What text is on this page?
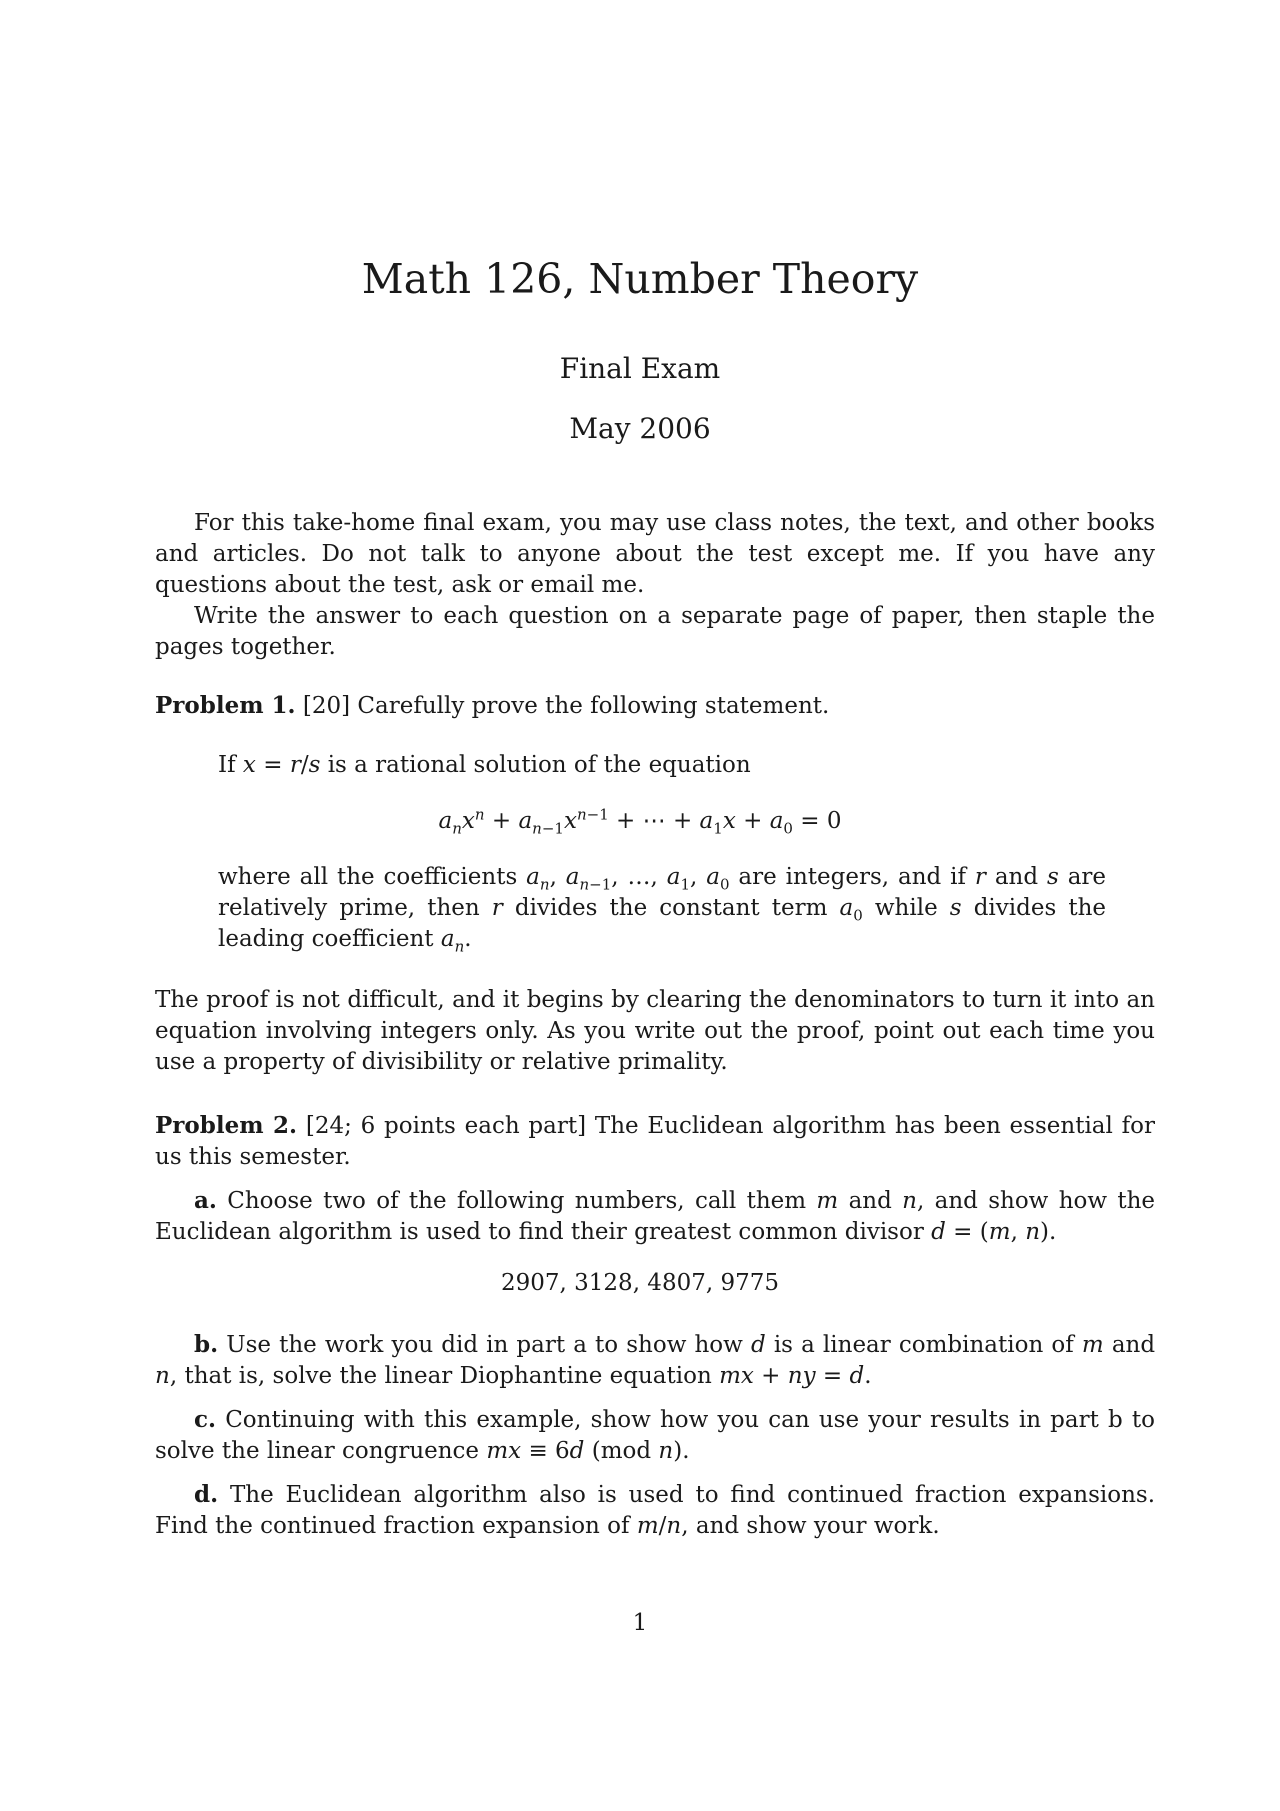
Math 126, Number Theory
Final Exam
May 2006

For this take-home final exam, you may use class notes, the text, and other books and articles. Do not talk to anyone about the test except me. If you have any questions about the test, ask or email me.

Write the answer to each question on a separate page of paper, then staple the pages together.

Problem 1. [20] Carefully prove the following statement.

If x = r/s is a rational solution of the equation
$a_nx^n + a_{n-1}x^{n-1}$ + ⋯ + $a_1x + a_0 = 0$
where all the coefficients $a_n$, $a_{n-1}$, …, $a_1$, $a_0$ are integers, and if r and s are relatively prime, then r divides the constant term $a_0$ while s divides the leading coefficient $a_n$.

The proof is not difficult, and it begins by clearing the denominators to turn it into an equation involving integers only. As you write out the proof, point out each time you use a property of divisibility or relative primality.

Problem 2. [24; 6 points each part] The Euclidean algorithm has been essential for us this semester.

a. Choose two of the following numbers, call them m and n, and show how the Euclidean algorithm is used to find their greatest common divisor d = (m, n).

2907, 3128, 4807, 9775

b. Use the work you did in part a to show how d is a linear combination of m and n, that is, solve the linear Diophantine equation mx + ny = d.

c. Continuing with this example, show how you can use your results in part b to solve the linear congruence mx ≡ 6d (mod n).

d. The Euclidean algorithm also is used to find continued fraction expansions. Find the continued fraction expansion of m/n, and show your work.

1
